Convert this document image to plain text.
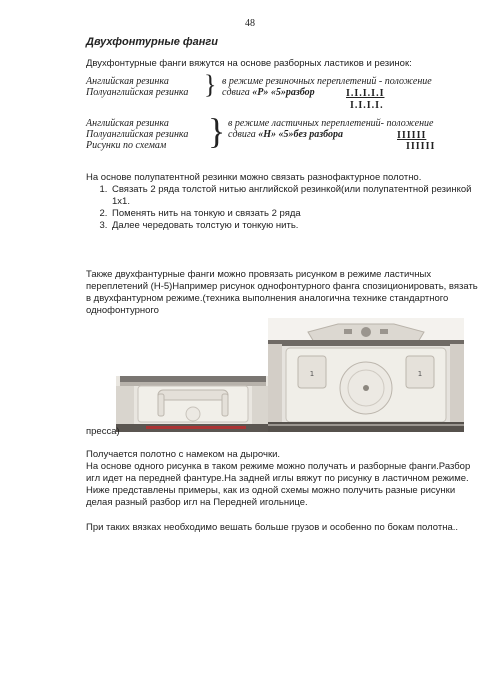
48
Двухфонтурные фанги
Двухфонтурные фанги вяжутся на основе разборных ластиков и резинок:
Английская резинка
Полуанглийская резинка } в режиме резиночных переплетений - положение
сдвига «Р» «5»разбор	I.I.I.I.I
I.I.I.I.
Английская резинка
Полуанглийская резинка
Рисунки по схемам	} в режиме ластичных переплетений- положение
сдвига «Н» «5»без разбора	IIIIII
IIIIII
На основе полупатентной резинки можно связать разнофактурное полотно.
1. Связать 2 ряда толстой нитью английской резинкой(или полупатентной резинкой 1х1.
2. Поменять нить на тонкую и связать 2 ряда
3. Далее чередовать толстую и тонкую нить.
Также двухфантурные фанги можно провязать рисунком в режиме ластичных переплетений (Н-5)Например рисунок однофонтурного фанга спозиционировать, вязать в двухфантурном режиме.(техника выполнения аналогична технике стандартного однофонтурного
1	1
пресса)
Получается полотно с намеком на дырочки.
На основе одного рисунка в таком режиме можно получать и разборные фанги.Разбор игл идет на передней фантуре.На задней иглы вяжут по рисунку в ластичном режиме. Ниже представлены примеры, как из одной схемы можно получить разные рисунки делая разный разбор игл на Передней игольнице.
При таких вязках необходимо вешать больше грузов и особенно по бокам полотна..
